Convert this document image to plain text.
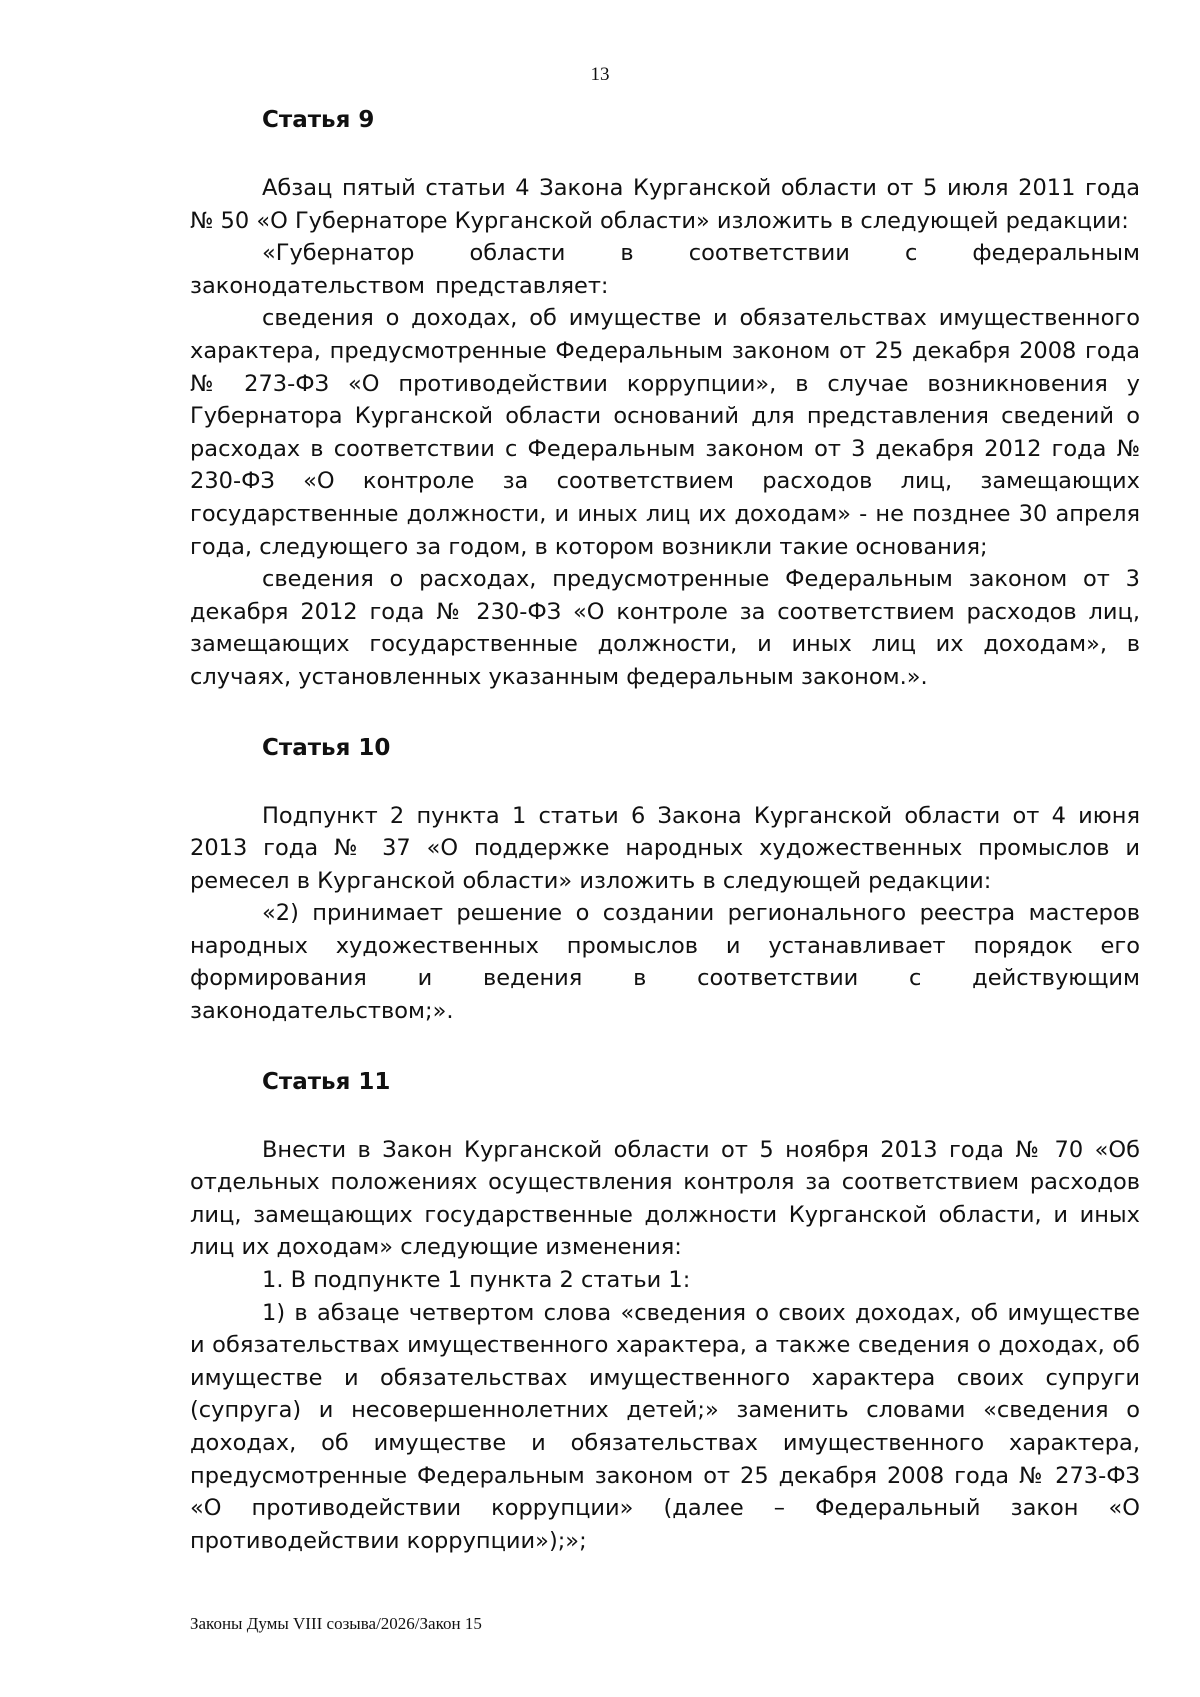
13
Статья 9

Абзац пятый статьи 4 Закона Курганской области от 5 июля 2011 года № 50 «О Губернаторе Курганской области» изложить в следующей редакции:

«Губернатор области в соответствии с федеральным законодательством представляет:

сведения о доходах, об имуществе и обязательствах имущественного характера, предусмотренные Федеральным законом от 25 декабря 2008 года № 273-ФЗ «О противодействии коррупции», в случае возникновения у Губернатора Курганской области оснований для представления сведений о расходах в соответствии с Федеральным законом от 3 декабря 2012 года № 230-ФЗ «О контроле за соответствием расходов лиц, замещающих государственные должности, и иных лиц их доходам» - не позднее 30 апреля года, следующего за годом, в котором возникли такие основания;

сведения о расходах, предусмотренные Федеральным законом от 3 декабря 2012 года № 230-ФЗ «О контроле за соответствием расходов лиц, замещающих государственные должности, и иных лиц их доходам», в случаях, установленных указанным федеральным законом.».

Статья 10

Подпункт 2 пункта 1 статьи 6 Закона Курганской области от 4 июня 2013 года № 37 «О поддержке народных художественных промыслов и ремесел в Курганской области» изложить в следующей редакции:

«2) принимает решение о создании регионального реестра мастеров народных художественных промыслов и устанавливает порядок его формирования и ведения в соответствии с действующим законодательством;».

Статья 11

Внести в Закон Курганской области от 5 ноября 2013 года № 70 «Об отдельных положениях осуществления контроля за соответствием расходов лиц, замещающих государственные должности Курганской области, и иных лиц их доходам» следующие изменения:

1. В подпункте 1 пункта 2 статьи 1:

1) в абзаце четвертом слова «сведения о своих доходах, об имуществе и обязательствах имущественного характера, а также сведения о доходах, об имуществе и обязательствах имущественного характера своих супруги (супруга) и несовершеннолетних детей;» заменить словами «сведения о доходах, об имуществе и обязательствах имущественного характера, предусмотренные Федеральным законом от 25 декабря 2008 года № 273-ФЗ «О противодействии коррупции» (далее – Федеральный закон «О противодействии коррупции»);»;

Законы Думы VIII созыва/2026/Закон 15
